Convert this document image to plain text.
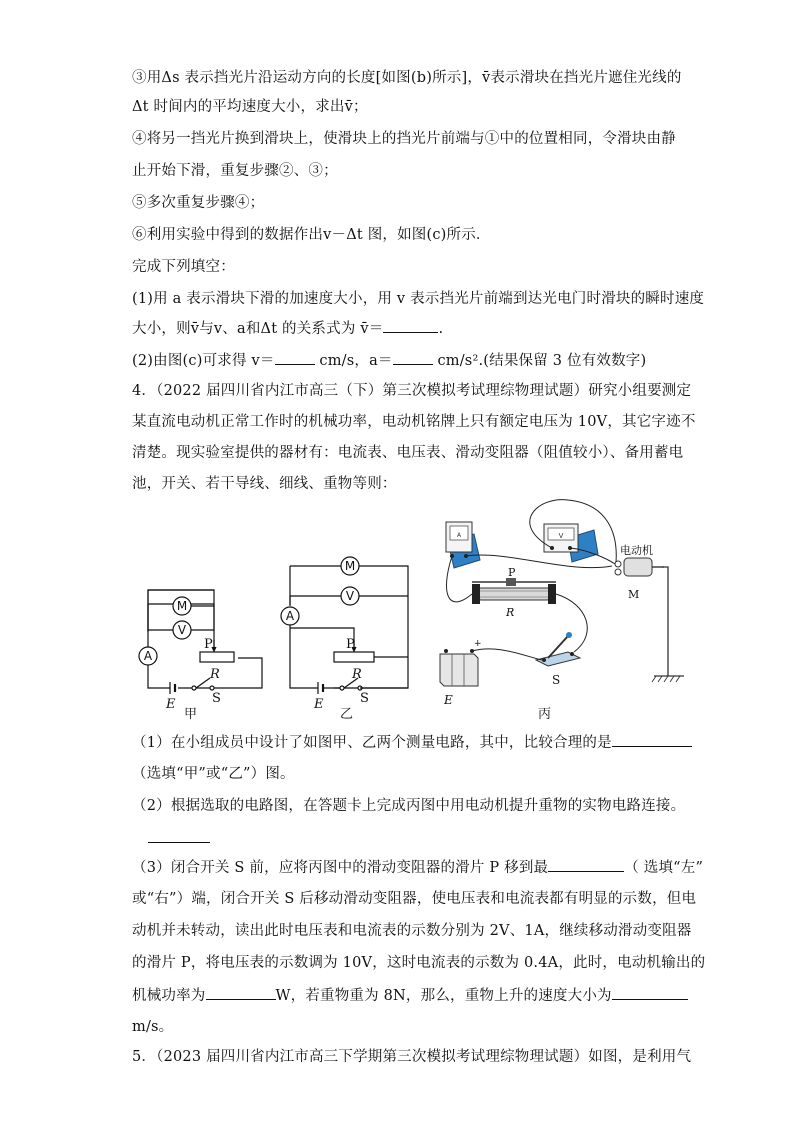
③用Δs 表示挡光片沿运动方向的长度[如图(b)所示]，v̄表示滑块在挡光片遮住光线的
Δt 时间内的平均速度大小，求出v̄；
④将另一挡光片换到滑块上，使滑块上的挡光片前端与①中的位置相同，令滑块由静
止开始下滑，重复步骤②、③；
⑤多次重复步骤④；
⑥利用实验中得到的数据作出v－Δt 图，如图(c)所示．
完成下列填空：
(1)用 a 表示滑块下滑的加速度大小，用 v 表示挡光片前端到达光电门时滑块的瞬时速度
大小，则v̄与v、a和Δt 的关系式为 v̄＝	.
(2)由图(c)可求得 v＝	cm/s，a＝	cm/s².(结果保留 3 位有效数字)
4．（2022 届四川省内江市高三（下）第三次模拟考试理综物理试题）研究小组要测定
某直流电动机正常工作时的机械功率，电动机铭牌上只有额定电压为 10V，其它字迹不
清楚。现实验室提供的器材有：电流表、电压表、滑动变阻器（阻值较小）、备用蓄电
池，开关、若干导线、细线、重物等则：
M
V
A
P
R
S
E
甲
M
V
A
P
R
S
E
乙
A	V
P
R
+
E
S
电动机
M
丙
（1）在小组成员中设计了如图甲、乙两个测量电路，其中，比较合理的是
（选填“甲”或“乙”）图。
（2）根据选取的电路图，在答题卡上完成丙图中用电动机提升重物的实物电路连接。
（3）闭合开关 S 前，应将丙图中的滑动变阻器的滑片 P 移到最	（ 选填“左”
或“右”）端，闭合开关 S 后移动滑动变阻器，使电压表和电流表都有明显的示数，但电
动机并未转动，读出此时电压表和电流表的示数分别为 2V、1A，继续移动滑动变阻器
的滑片 P，将电压表的示数调为 10V，这时电流表的示数为 0.4A，此时，电动机输出的
机械功率为	W，若重物重为 8N，那么，重物上升的速度大小为
m/s。
5．（2023 届四川省内江市高三下学期第三次模拟考试理综物理试题）如图，是利用气
